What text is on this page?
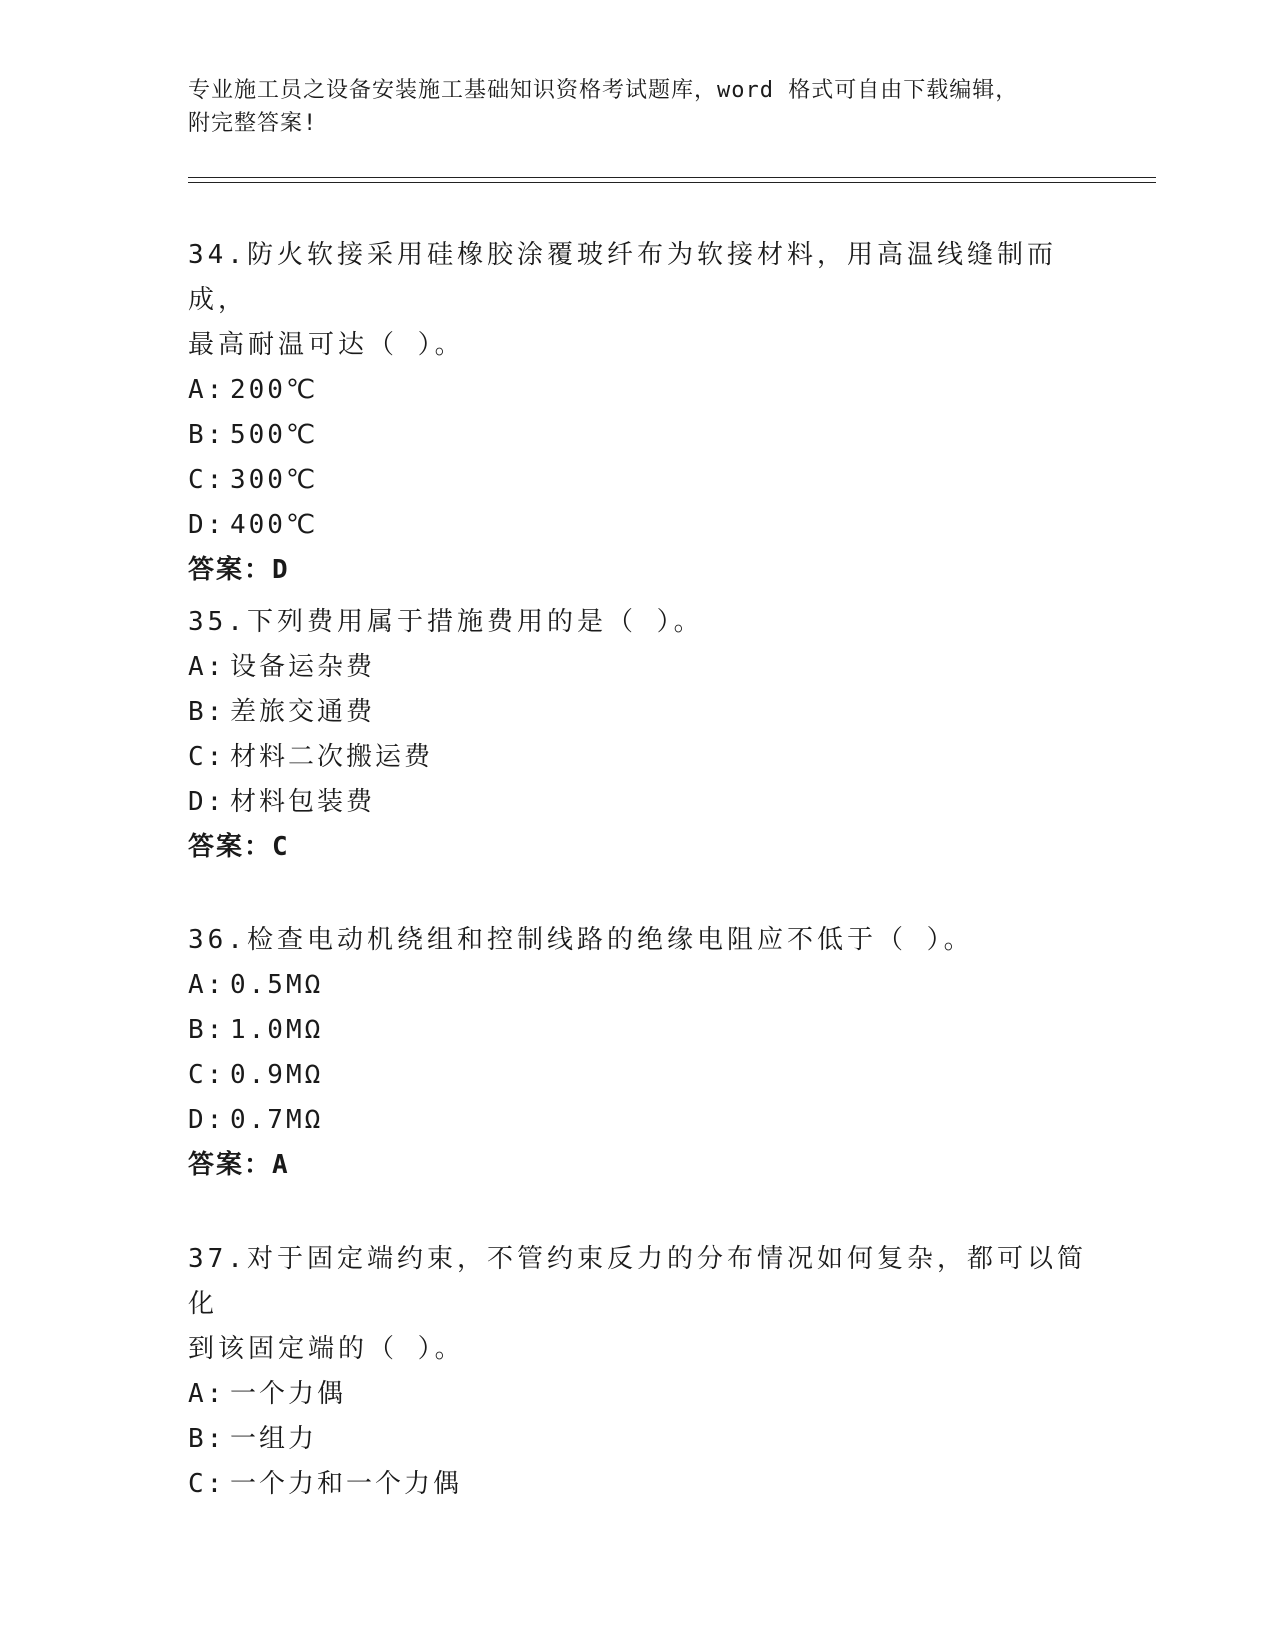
专业施工员之设备安装施工基础知识资格考试题库，word 格式可自由下载编辑，
附完整答案!
34.防火软接采用硅橡胶涂覆玻纤布为软接材料，用高温线缝制而成，
最高耐温可达（ ）。
A: 200℃
B: 500℃
C: 300℃
D: 400℃
答案：D
35.下列费用属于措施费用的是（ ）。
A: 设备运杂费
B: 差旅交通费
C: 材料二次搬运费
D: 材料包装费
答案：C
36.检查电动机绕组和控制线路的绝缘电阻应不低于（ ）。
A: 0.5MΩ
B: 1.0MΩ
C: 0.9MΩ
D: 0.7MΩ
答案：A
37.对于固定端约束，不管约束反力的分布情况如何复杂，都可以简化
到该固定端的（ ）。
A: 一个力偶
B: 一组力
C: 一个力和一个力偶
